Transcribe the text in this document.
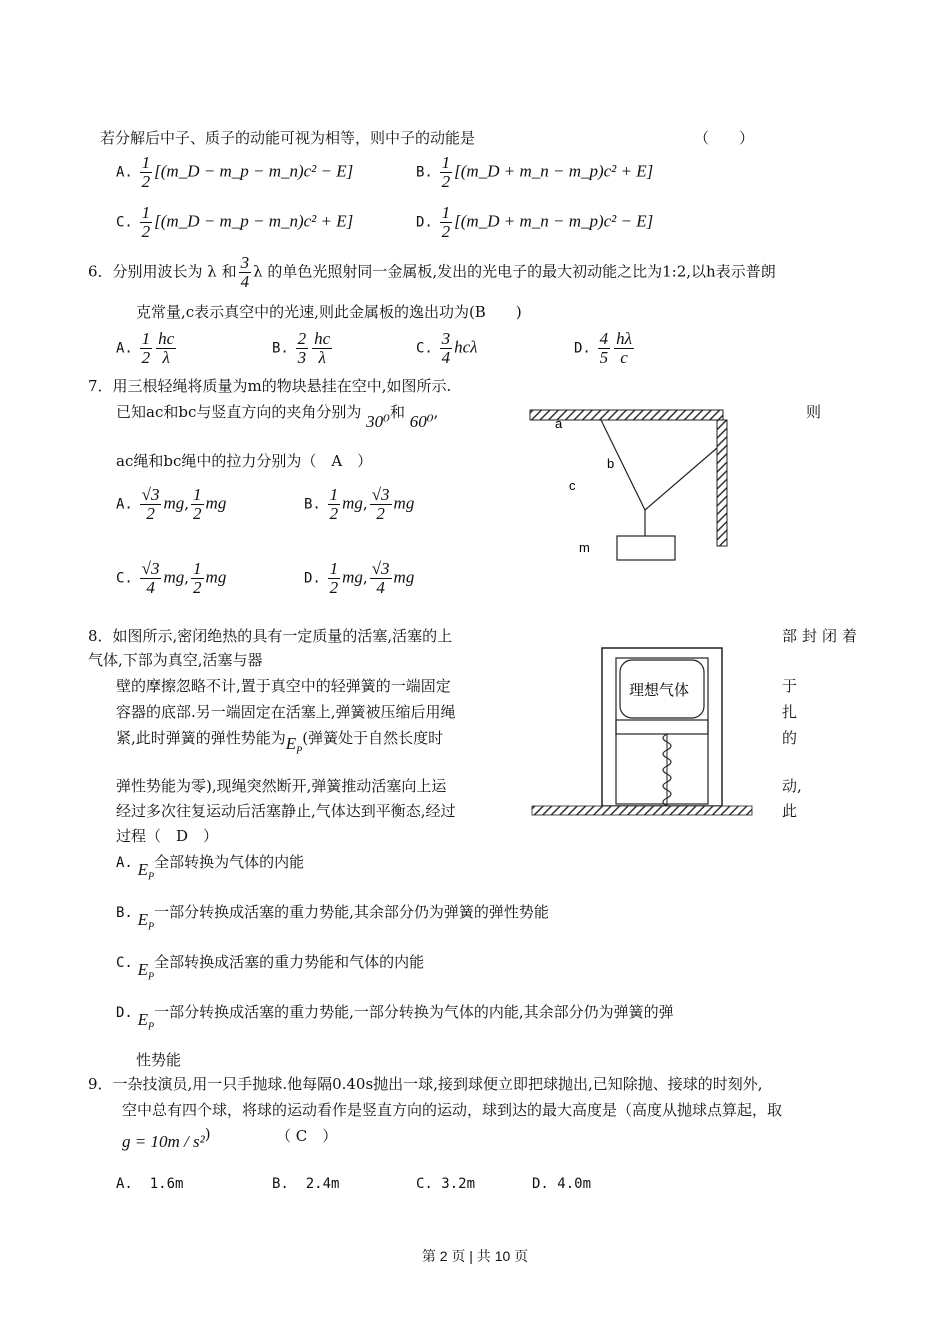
若分解后中子、质子的动能可视为相等，则中子的动能是	（　　）
A. $\frac{1}{2}$ [(m_D − m_p − m_n)c² − E]	B. $\frac{1}{2}$ [(m_D + m_n − m_p)c² + E]
C. $\frac{1}{2}$ [(m_D − m_p − m_n)c² + E]	D. $\frac{1}{2}$ [(m_D + m_n − m_p)c² − E]
6．分别用波长为 λ 和 $\frac{3}{4}$ λ 的单色光照射同一金属板,发出的光电子的最大初动能之比为1:2,以h表示普朗
克常量,c表示真空中的光速,则此金属板的逸出功为(B　　)
A. $\frac{1}{2} \frac{hc}{\lambda}$	B. $\frac{2}{3} \frac{hc}{\lambda}$	C. $\frac{3}{4}$ hcλ	D. $\frac{4}{5} \frac{h\lambda}{c}$
7．用三根轻绳将质量为m的物块悬挂在空中,如图所示.
已知ac和bc与竖直方向的夹角分别为 30⁰和 60⁰,	则
ac绳和bc绳中的拉力分别为（　A　）
A. $\frac{√3}{2}$ mg, $\frac{1}{2}$ mg	B. $\frac{1}{2}$ mg, $\frac{√3}{2}$ mg
C. $\frac{√3}{4}$ mg, $\frac{1}{2}$ mg	D. $\frac{1}{2}$ mg, $\frac{√3}{4}$ mg
a
b
c
m
8．如图所示,密闭绝热的具有一定质量的活塞,活塞的上	部封闭着
气体,下部为真空,活塞与器
壁的摩擦忽略不计,置于真空中的轻弹簧的一端固定	于
容器的底部.另一端固定在活塞上,弹簧被压缩后用绳	扎
紧,此时弹簧的弹性势能为$E_P$(弹簧处于自然长度时	的
弹性势能为零),现绳突然断开,弹簧推动活塞向上运	动,
经过多次往复运动后活塞静止,气体达到平衡态,经过	此
过程（　D　）
理想气体
A. $E_P$全部转换为气体的内能
B. $E_P$一部分转换成活塞的重力势能,其余部分仍为弹簧的弹性势能
C. $E_P$全部转换成活塞的重力势能和气体的内能
D. $E_P$一部分转换成活塞的重力势能,一部分转换为气体的内能,其余部分仍为弹簧的弹
性势能
9．一杂技演员,用一只手抛球.他每隔0.40s抛出一球,接到球便立即把球抛出,已知除抛、接球的时刻外,
空中总有四个球，将球的运动看作是竖直方向的运动，球到达的最大高度是（高度从抛球点算起，取
g = 10m / s²)	（ C　）
A. 1.6m	B. 2.4m	C. 3.2m	D. 4.0m
第 2 页 | 共 10 页
